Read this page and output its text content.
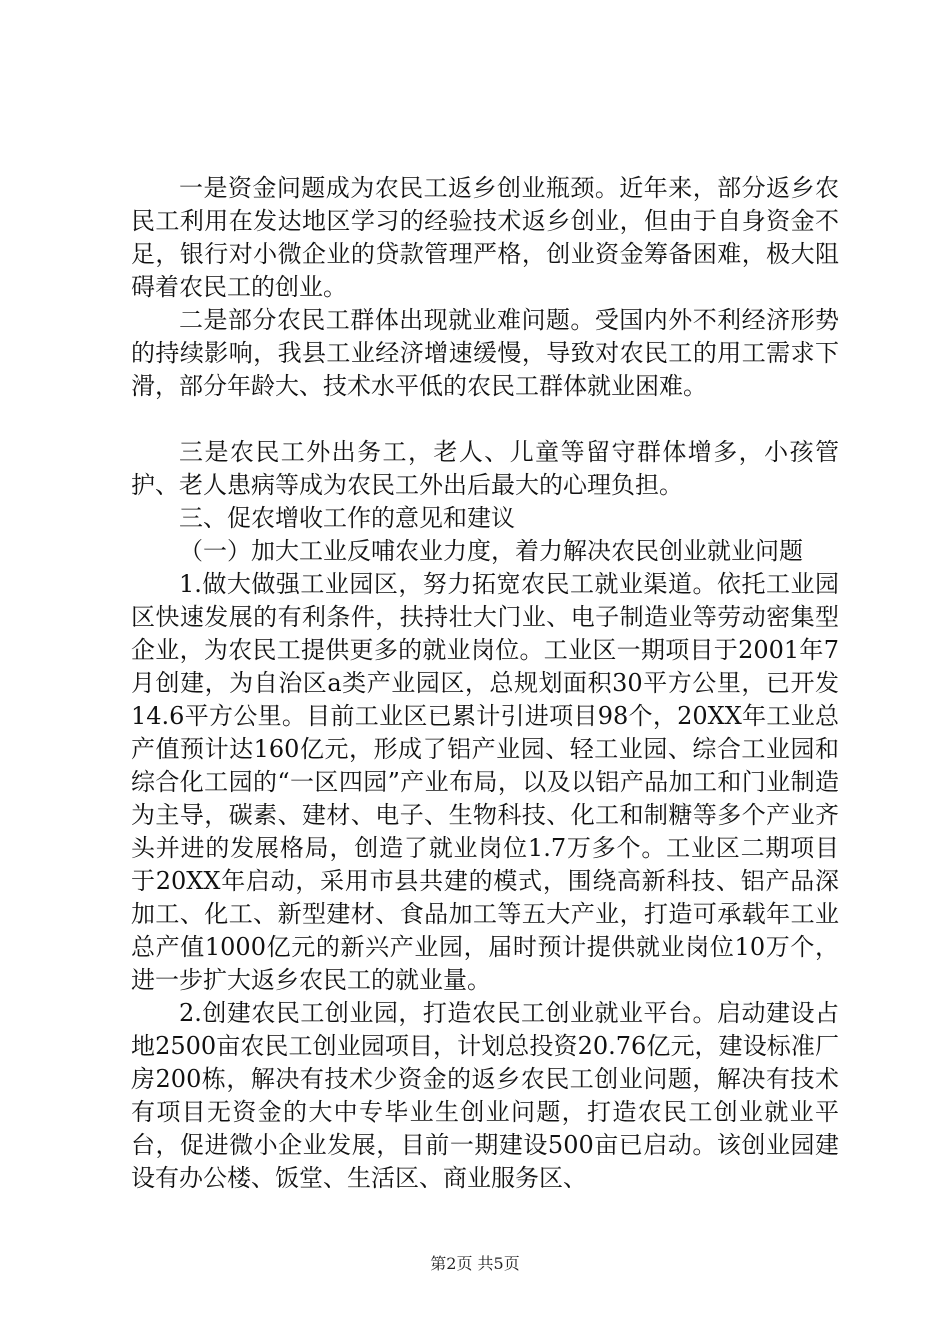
一是资金问题成为农民工返乡创业瓶颈。近年来，部分返乡农民工利用在发达地区学习的经验技术返乡创业，但由于自身资金不足，银行对小微企业的贷款管理严格，创业资金筹备困难，极大阻碍着农民工的创业。

二是部分农民工群体出现就业难问题。受国内外不利经济形势的持续影响，我县工业经济增速缓慢，导致对农民工的用工需求下滑，部分年龄大、技术水平低的农民工群体就业困难。

三是农民工外出务工，老人、儿童等留守群体增多，小孩管护、老人患病等成为农民工外出后最大的心理负担。

三、促农增收工作的意见和建议

（一）加大工业反哺农业力度，着力解决农民创业就业问题

1.做大做强工业园区，努力拓宽农民工就业渠道。依托工业园区快速发展的有利条件，扶持壮大门业、电子制造业等劳动密集型企业，为农民工提供更多的就业岗位。工业区一期项目于2001年7月创建，为自治区a类产业园区，总规划面积30平方公里，已开发14.6平方公里。目前工业区已累计引进项目98个，20XX年工业总产值预计达160亿元，形成了铝产业园、轻工业园、综合工业园和综合化工园的“一区四园”产业布局，以及以铝产品加工和门业制造为主导，碳素、建材、电子、生物科技、化工和制糖等多个产业齐头并进的发展格局，创造了就业岗位1.7万多个。工业区二期项目于20XX年启动，采用市县共建的模式，围绕高新科技、铝产品深加工、化工、新型建材、食品加工等五大产业，打造可承载年工业总产值1000亿元的新兴产业园，届时预计提供就业岗位10万个，进一步扩大返乡农民工的就业量。

2.创建农民工创业园，打造农民工创业就业平台。启动建设占地2500亩农民工创业园项目，计划总投资20.76亿元，建设标准厂房200栋，解决有技术少资金的返乡农民工创业问题，解决有技术有项目无资金的大中专毕业生创业问题，打造农民工创业就业平台，促进微小企业发展，目前一期建设500亩已启动。该创业园建设有办公楼、饭堂、生活区、商业服务区、

第2页 共5页
